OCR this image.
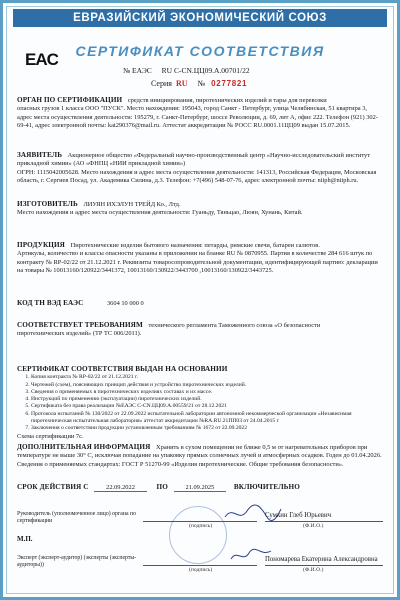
ЕВРАЗИЙСКИЙ ЭКОНОМИЧЕСКИЙ СОЮЗ
СЕРТИФИКАТ СООТВЕТСТВИЯ
EAC
№ ЕАЭС RU C-CN.ЦЦ09.А.00701/22
Серия RU № 0277821
ОРГАН ПО СЕРТИФИКАЦИИ средств инициирования, пиротехнических изделий и тары для перевозки
опасных грузов 1 класса ООО "ПУСК". Место нахождения: 195043, город Санкт - Петербург, улица Челябинская, 51 квартира 3, адрес места осуществления деятельности: 195279, г. Санкт-Петербург, шоссе Революции, д. 69, лит А, офис 222. Телефон (921) 302-69-41, адрес электронной почты: kat290376@mail.ru. Аттестат аккредитации № РОСС RU.0001.11ЦЦ09 выдан 15.07.2015.
ЗАЯВИТЕЛЬ Акционерное общество «Федеральный научно-производственный центр «Научно-исследовательский институт прикладной химии» (АО «ФНПЦ «НИИ прикладной химии»)
ОГРН: 1115042005628. Место нахождения и адрес места осуществления деятельности: 141313, Российская Федерация, Московская область, г. Сергиев Посад, ул. Академика Силина, д.3. Телефон: +7(496) 548-07-76, адрес электронной почты: niiph@niiph.ru.
ИЗГОТОВИТЕЛЬ ЛИУЯН ИХЭЛУН ТРЕЙД Ко., Лтд.
Место нахождения и адрес места осуществления деятельности: Гуаньду, Тяньцао, Люян, Хунань, Китай.
ПРОДУКЦИЯ Пиротехнические изделия бытового назначения: петарды, римские свечи, батареи салютов.
Артикулы, количество и классы опасности указаны в приложении на бланке RU № 0870955. Партия в количестве 284 616 штук по контракту № RP-02/22 от 21.12.2021 г. Реквизиты товаросопроводительной документации, идентифицирующей партию: декларации на товары № 10013160/120922/3441372, 10013160/130922/3443700 ,10013160/130922/3443725.
КОД ТН ВЭД ЕАЭС	3604 10 000 0
СООТВЕТСТВУЕТ ТРЕБОВАНИЯМ технического регламента Таможенного союза «О безопасности
пиротехнических изделий» (ТР ТС 006/2011).
СЕРТИФИКАТ СООТВЕТСТВИЯ ВЫДАН НА ОСНОВАНИИ
1. Копия контракта № RP-02/22 от 21.12.2021 г.
2. Чертежей (схем), поясняющих принцип действия и устройство пиротехнических изделий.
3. Сведения о применяемых в пиротехнических изделиях составах и их массе.
4. Инструкций по применению (эксплуатации) пиротехнических изделий.
5. Сертификата без права реализации №ЕАЭС C-CN.ЦЦ09.А.00559/21 от 28.12.2021
6. Протокола испытаний № 130/2022 от 22.09.2022 испытательной лаборатории автономной некоммерческой организации «Независимая пиротехническая испытательная лаборатория» аттестат аккредитации №RA.RU.21ПП03 от 24.04.2015 г
7. Заключения о соответствии продукции установленным требованиям № 1672 от 22.09.2022
Схема сертификации 7с.
ДОПОЛНИТЕЛЬНАЯ ИНФОРМАЦИЯ Хранить в сухом помещении не ближе 0,5 м от нагревательных приборов при температуре не выше 30° С, исключая попадание на упаковку прямых солнечных лучей и атмосферных осадков. Годен до 01.04.2026. Сведения о применяемых стандартах: ГОСТ Р 51270-99 «Изделия пиротехнические. Общие требования безопасности».
СРОК ДЕЙСТВИЯ С	22.09.2022	ПО	21.09.2025	ВКЛЮЧИТЕЛЬНО
Руководитель (уполномоченное лицо) органа по сертификации
М.П.
(подпись)
Сумкин Глеб Юрьевич
(Ф.И.О.)
Эксперт (эксперт-аудитор) (эксперты (эксперты-аудиторы))
(подпись)
Пономарева Екатерина Александровна
(Ф.И.О.)
